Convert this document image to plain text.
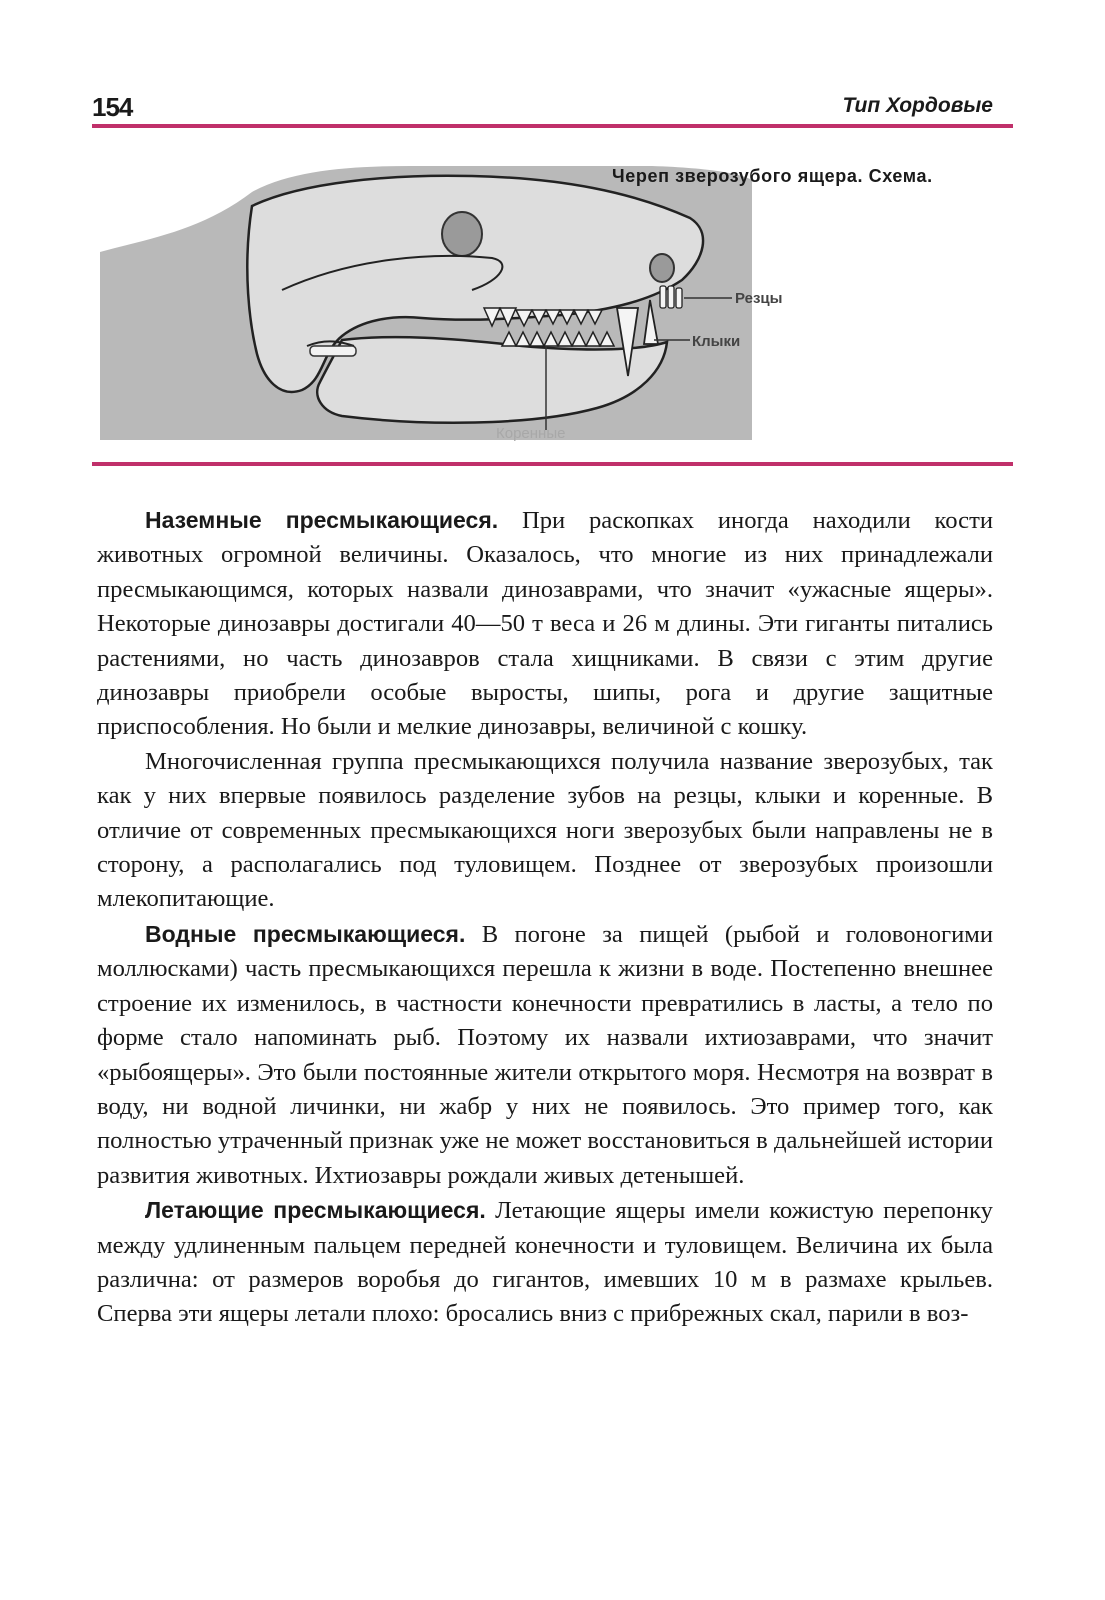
154	Тип Хордовые
Череп зверозубого ящера. Схема.
Резцы
Клыки
Коренные

Наземные пресмыкающиеся. При раскопках иногда находили кости животных огромной величины. Оказалось, что многие из них принадлежали пресмыкающимся, которых назвали динозаврами, что значит «ужасные ящеры». Некоторые динозавры достигали 40—50 т веса и 26 м длины. Эти гиганты питались растениями, но часть динозавров стала хищниками. В связи с этим другие динозавры приобрели особые выросты, шипы, рога и другие защитные приспособления. Но были и мелкие динозавры, величиной с кошку.

Многочисленная группа пресмыкающихся получила название зверозубых, так как у них впервые появилось разделение зубов на резцы, клыки и коренные. В отличие от современных пресмыкающихся ноги зверозубых были направлены не в сторону, а располагались под туловищем. Позднее от зверозубых произошли млекопитающие.

Водные пресмыкающиеся. В погоне за пищей (рыбой и головоногими моллюсками) часть пресмыкающихся перешла к жизни в воде. Постепенно внешнее строение их изменилось, в частности конечности превратились в ласты, а тело по форме стало напоминать рыб. Поэтому их назвали ихтиозаврами, что значит «рыбоящеры». Это были постоянные жители открытого моря. Несмотря на возврат в воду, ни водной личинки, ни жабр у них не появилось. Это пример того, как полностью утраченный признак уже не может восстановиться в дальнейшей истории развития животных. Ихтиозавры рождали живых детенышей.

Летающие пресмыкающиеся. Летающие ящеры имели кожистую перепонку между удлиненным пальцем передней конечности и туловищем. Величина их была различна: от размеров воробья до гигантов, имевших 10 м в размахе крыльев. Сперва эти ящеры летали плохо: бросались вниз с прибрежных скал, парили в воз-
